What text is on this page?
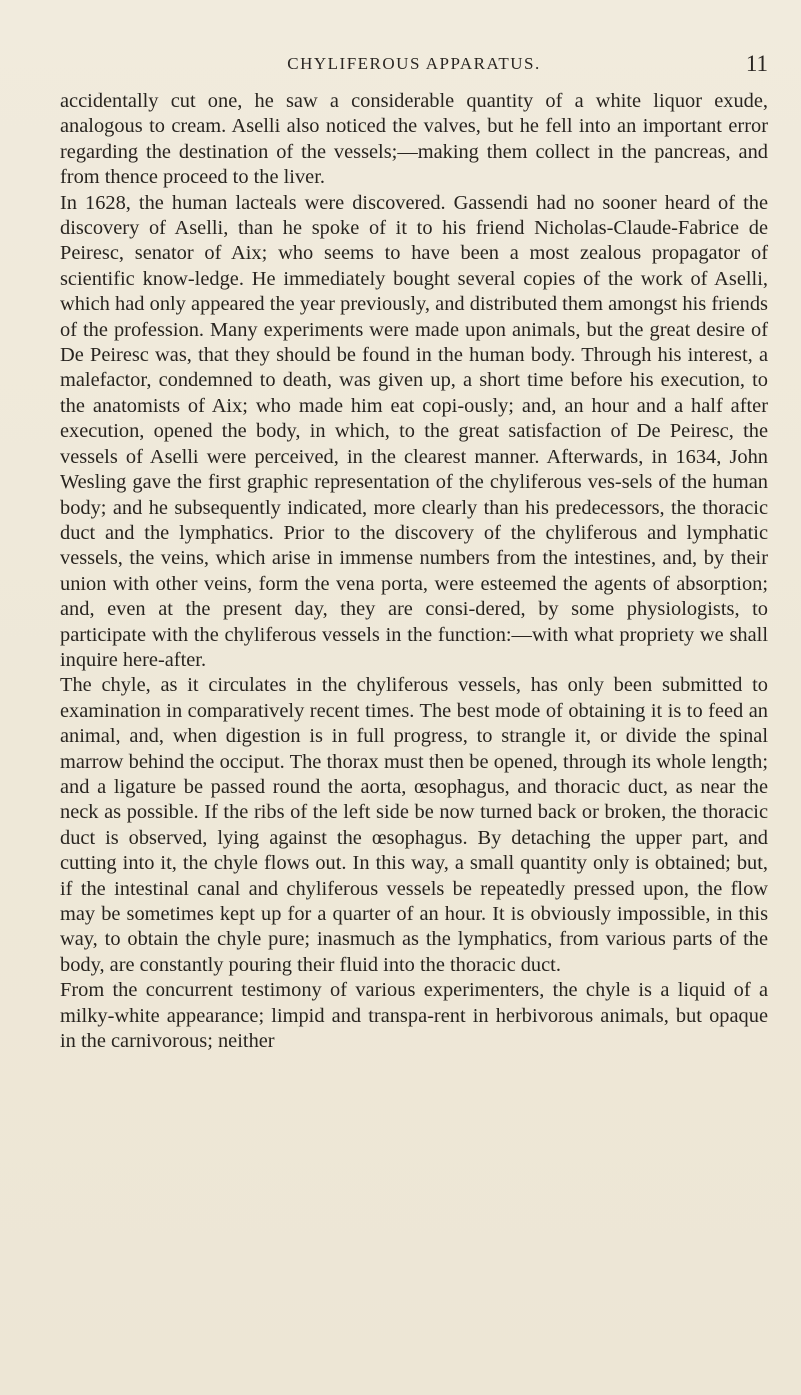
CHYLIFEROUS APPARATUS.	11

accidentally cut one, he saw a considerable quantity of a white liquor exude, analogous to cream. Aselli also noticed the valves, but he fell into an important error regarding the destination of the vessels;—making them collect in the pancreas, and from thence proceed to the liver.

In 1628, the human lacteals were discovered. Gassendi had no sooner heard of the discovery of Aselli, than he spoke of it to his friend Nicholas-Claude-Fabrice de Peiresc, senator of Aix; who seems to have been a most zealous propagator of scientific know-ledge. He immediately bought several copies of the work of Aselli, which had only appeared the year previously, and distributed them amongst his friends of the profession. Many experiments were made upon animals, but the great desire of De Peiresc was, that they should be found in the human body. Through his interest, a malefactor, condemned to death, was given up, a short time before his execution, to the anatomists of Aix; who made him eat copi-ously; and, an hour and a half after execution, opened the body, in which, to the great satisfaction of De Peiresc, the vessels of Aselli were perceived, in the clearest manner. Afterwards, in 1634, John Wesling gave the first graphic representation of the chyliferous ves-sels of the human body; and he subsequently indicated, more clearly than his predecessors, the thoracic duct and the lymphatics. Prior to the discovery of the chyliferous and lymphatic vessels, the veins, which arise in immense numbers from the intestines, and, by their union with other veins, form the vena porta, were esteemed the agents of absorption; and, even at the present day, they are consi-dered, by some physiologists, to participate with the chyliferous vessels in the function:—with what propriety we shall inquire here-after.

The chyle, as it circulates in the chyliferous vessels, has only been submitted to examination in comparatively recent times. The best mode of obtaining it is to feed an animal, and, when digestion is in full progress, to strangle it, or divide the spinal marrow behind the occiput. The thorax must then be opened, through its whole length; and a ligature be passed round the aorta, œsophagus, and thoracic duct, as near the neck as possible. If the ribs of the left side be now turned back or broken, the thoracic duct is observed, lying against the œsophagus. By detaching the upper part, and cutting into it, the chyle flows out. In this way, a small quantity only is obtained; but, if the intestinal canal and chyliferous vessels be repeatedly pressed upon, the flow may be sometimes kept up for a quarter of an hour. It is obviously impossible, in this way, to obtain the chyle pure; inasmuch as the lymphatics, from various parts of the body, are constantly pouring their fluid into the thoracic duct.

From the concurrent testimony of various experimenters, the chyle is a liquid of a milky-white appearance; limpid and transpa-rent in herbivorous animals, but opaque in the carnivorous; neither
